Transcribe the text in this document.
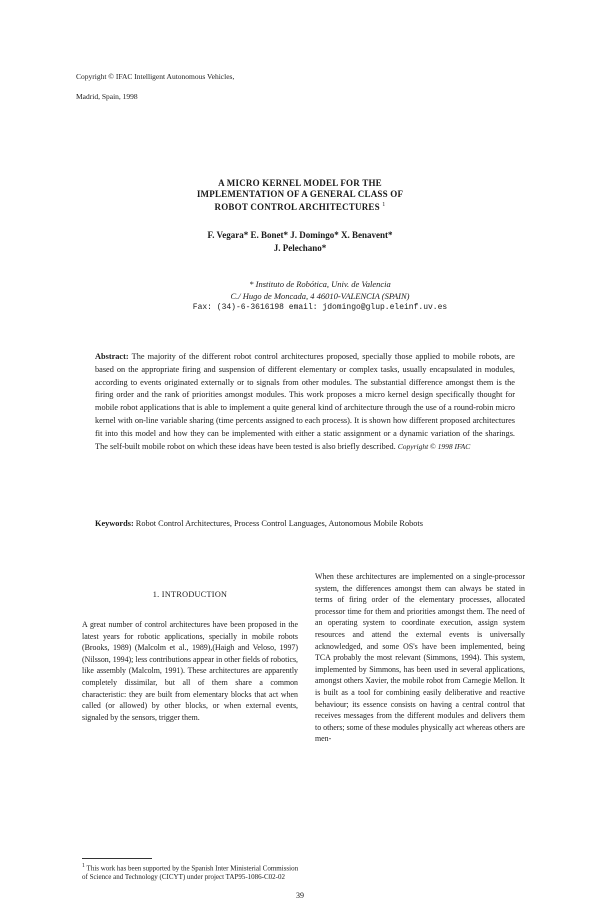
Copyright © IFAC Intelligent Autonomous Vehicles,

Madrid, Spain, 1998

A MICRO KERNEL MODEL FOR THE
IMPLEMENTATION OF A GENERAL CLASS OF
ROBOT CONTROL ARCHITECTURES $^1$
F. Vegara* E. Bonet* J. Domingo* X. Benavent*
J. Pelechano*
* Instituto de Robótica, Univ. de Valencia
C./ Hugo de Moncada, 4 46010-VALENCIA (SPAIN)
Fax: (34)-6-3616198 email: jdomingo@glup.eleinf.uv.es
Abstract: The majority of the different robot control architectures proposed, specially those applied to mobile robots, are based on the appropriate firing and suspension of different elementary or complex tasks, usually encapsulated in modules, according to events originated externally or to signals from other modules. The substantial difference amongst them is the firing order and the rank of priorities amongst modules. This work proposes a micro kernel design specifically thought for mobile robot applications that is able to implement a quite general kind of architecture through the use of a round-robin micro kernel with on-line variable sharing (time percents assigned to each process). It is shown how different proposed architectures fit into this model and how they can be implemented with either a static assignment or a dynamic variation of the sharings. The self-built mobile robot on which these ideas have been tested is also briefly described. Copyright © 1998 IFAC
Keywords: Robot Control Architectures, Process Control Languages, Autonomous Mobile Robots
1. INTRODUCTION

A great number of control architectures have been proposed in the latest years for robotic applications, specially in mobile robots (Brooks, 1989) (Malcolm et al., 1989),(Haigh and Veloso, 1997) (Nilsson, 1994); less contributions appear in other fields of robotics, like assembly (Malcolm, 1991). These architectures are apparently completely dissimilar, but all of them share a common characteristic: they are built from elementary blocks that act when called (or allowed) by other blocks, or when external events, signaled by the sensors, trigger them.

When these architectures are implemented on a single-processor system, the differences amongst them can always be stated in terms of firing order of the elementary processes, allocated processor time for them and priorities amongst them. The need of an operating system to coordinate execution, assign system resources and attend the external events is universally acknowledged, and some OS's have been implemented, being TCA probably the most relevant (Simmons, 1994). This system, implemented by Simmons, has been used in several applications, amongst others Xavier, the mobile robot from Carnegie Mellon. It is built as a tool for combining easily deliberative and reactive behaviour; its essence consists on having a central control that receives messages from the different modules and delivers them to others; some of these modules physically act whereas others are men-

$^1$ This work has been supported by the Spanish Inter Ministerial Commission of Science and Technology (CICYT) under project TAP95-1086-C02-02
39
